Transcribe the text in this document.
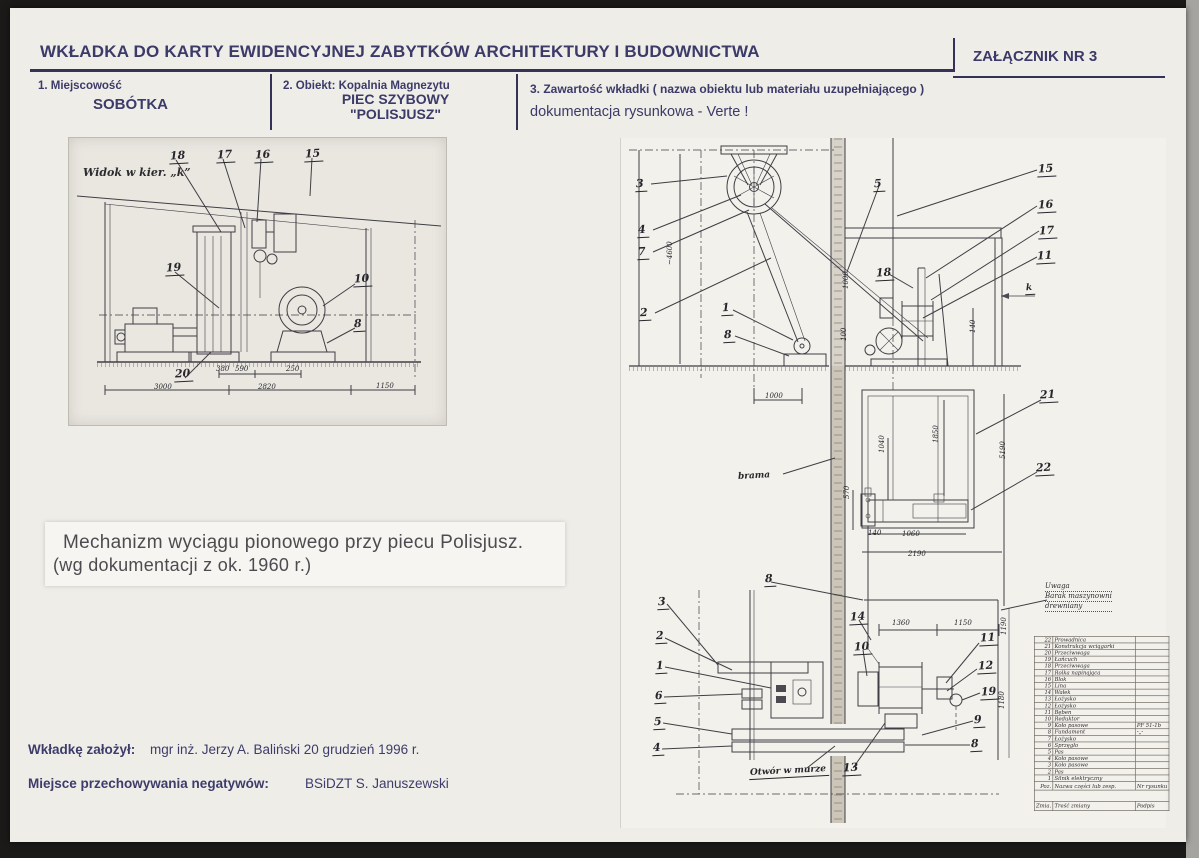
WKŁADKA DO KARTY EWIDENCYJNEJ ZABYTKÓW ARCHITEKTURY I BUDOWNICTWA	ZAŁĄCZNIK NR 3
1. Miejscowość
SOBÓTKA
2. Obiekt: Kopalnia Magnezytu
PIEC SZYBOWY
"POLISJUSZ"
3. Zawartość wkładki ( nazwa obiektu lub materiału uzupełniającego )
dokumentacja rysunkowa - Verte !
Widok w kier. „k”
18	17 16	15
19
10
8
20
3000	2820	1150
380 590	250
Mechanizm wyciągu pionowego przy piecu Polisjusz.
(wg dokumentacji z ok. 1960 r.)
Wkładkę założył: mgr inż. Jerzy A. Baliński 20 grudzień 1996 r.
Miejsce przechowywania negatywów:	BSiDZT S. Januszewski
Uwaga
Barak maszynowni
drewniany
22	Prowadnica	
21	Konstrukcja wciągarki	
20	Przeciwwaga	
19	Łańcuch	
18	Przeciwwaga	
17	Rolka napinająca	
16	Blok	
15	Lina	
14	Wałek	
13	Łożysko	
12	Łożysko	
11	Bęben	
10	Reduktor	
9	Koło pasowe	PF 51-1b
8	Fundament	-„-
7	Łożysko	
6	Sprzęgło	
5	Pas	
4	Koło pasowe	
3	Koło pasowe	
2	Pas	
1	Silnik elektryczny	
Poz.	Nazwa części lub zesp.	Nr rysunku

Zmia.	Treść zmiany	Podpis
3
4
7
2	1
8
5
18
15
16
17
11
k
~4600
1000
1000
100
140
brama
21
22
570
1040
1850
5190
140	1060
2190
8
14
10
13
3
2
1
6
5
4
11
12
19
9
8
Otwór w murze
1360	1150	1190
1180
